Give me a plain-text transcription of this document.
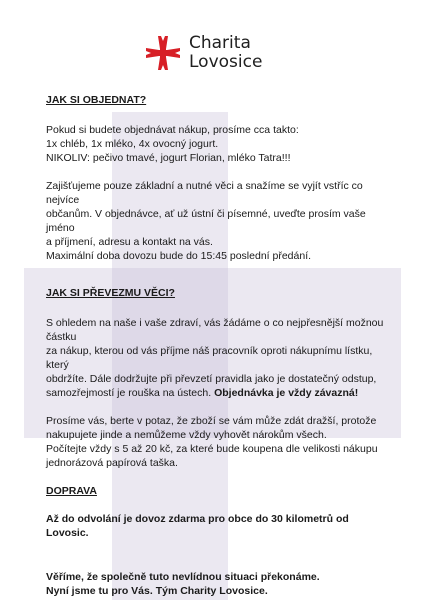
Charita
Lovosice
JAK SI OBJEDNAT?
Pokud si budete objednávat nákup, prosíme cca takto:
1x chléb, 1x mléko, 4x ovocný jogurt.
NIKOLIV: pečivo tmavé, jogurt Florian, mléko Tatra!!!
Zajišťujeme pouze základní a nutné věci a snažíme se vyjít vstříc co nejvíce
občanům. V objednávce, ať už ústní či písemné, uveďte prosím vaše jméno
a příjmení, adresu a kontakt na vás.
Maximální doba dovozu bude do 15:45 poslední předání.
JAK SI PŘEVEZMU VĚCI?
S ohledem na naše i vaše zdraví, vás žádáme o co nejpřesnější možnou částku
za nákup, kterou od vás příjme náš pracovník oproti nákupnímu lístku, který
obdržíte. Dále dodržujte při převzetí pravidla jako je dostatečný odstup,
samozřejmostí je rouška na ústech. Objednávka je vždy závazná!
Prosíme vás, berte v potaz, že zboží se vám může zdát dražší, protože
nakupujete jinde a nemůžeme vždy vyhovět nárokům všech.
Počítejte vždy s 5 až 20 kč, za které bude koupena dle velikosti nákupu
jednorázová papírová taška.
DOPRAVA
Až do odvolání je dovoz zdarma pro obce do 30 kilometrů od Lovosic.
Věříme, že společně tuto nevlídnou situaci překonáme.
Nyní jsme tu pro Vás. Tým Charity Lovosice.
